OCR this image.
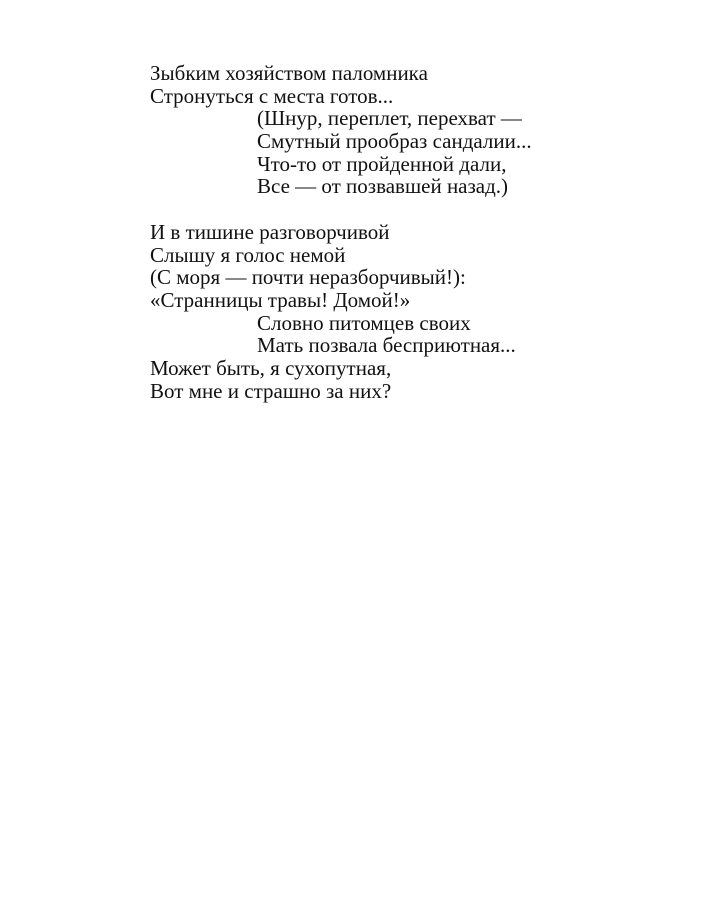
Зыбким хозяйством паломника
Стронуться с места готов...
(Шнур, переплет, перехват —
Смутный прообраз сандалии...
Что-то от пройденной дали,
Все — от позвавшей назад.)
И в тишине разговорчивой
Слышу я голос немой
(С моря — почти неразборчивый!):
«Странницы травы! Домой!»
Словно питомцев своих
Мать позвала бесприютная...
Может быть, я сухопутная,
Вот мне и страшно за них?
